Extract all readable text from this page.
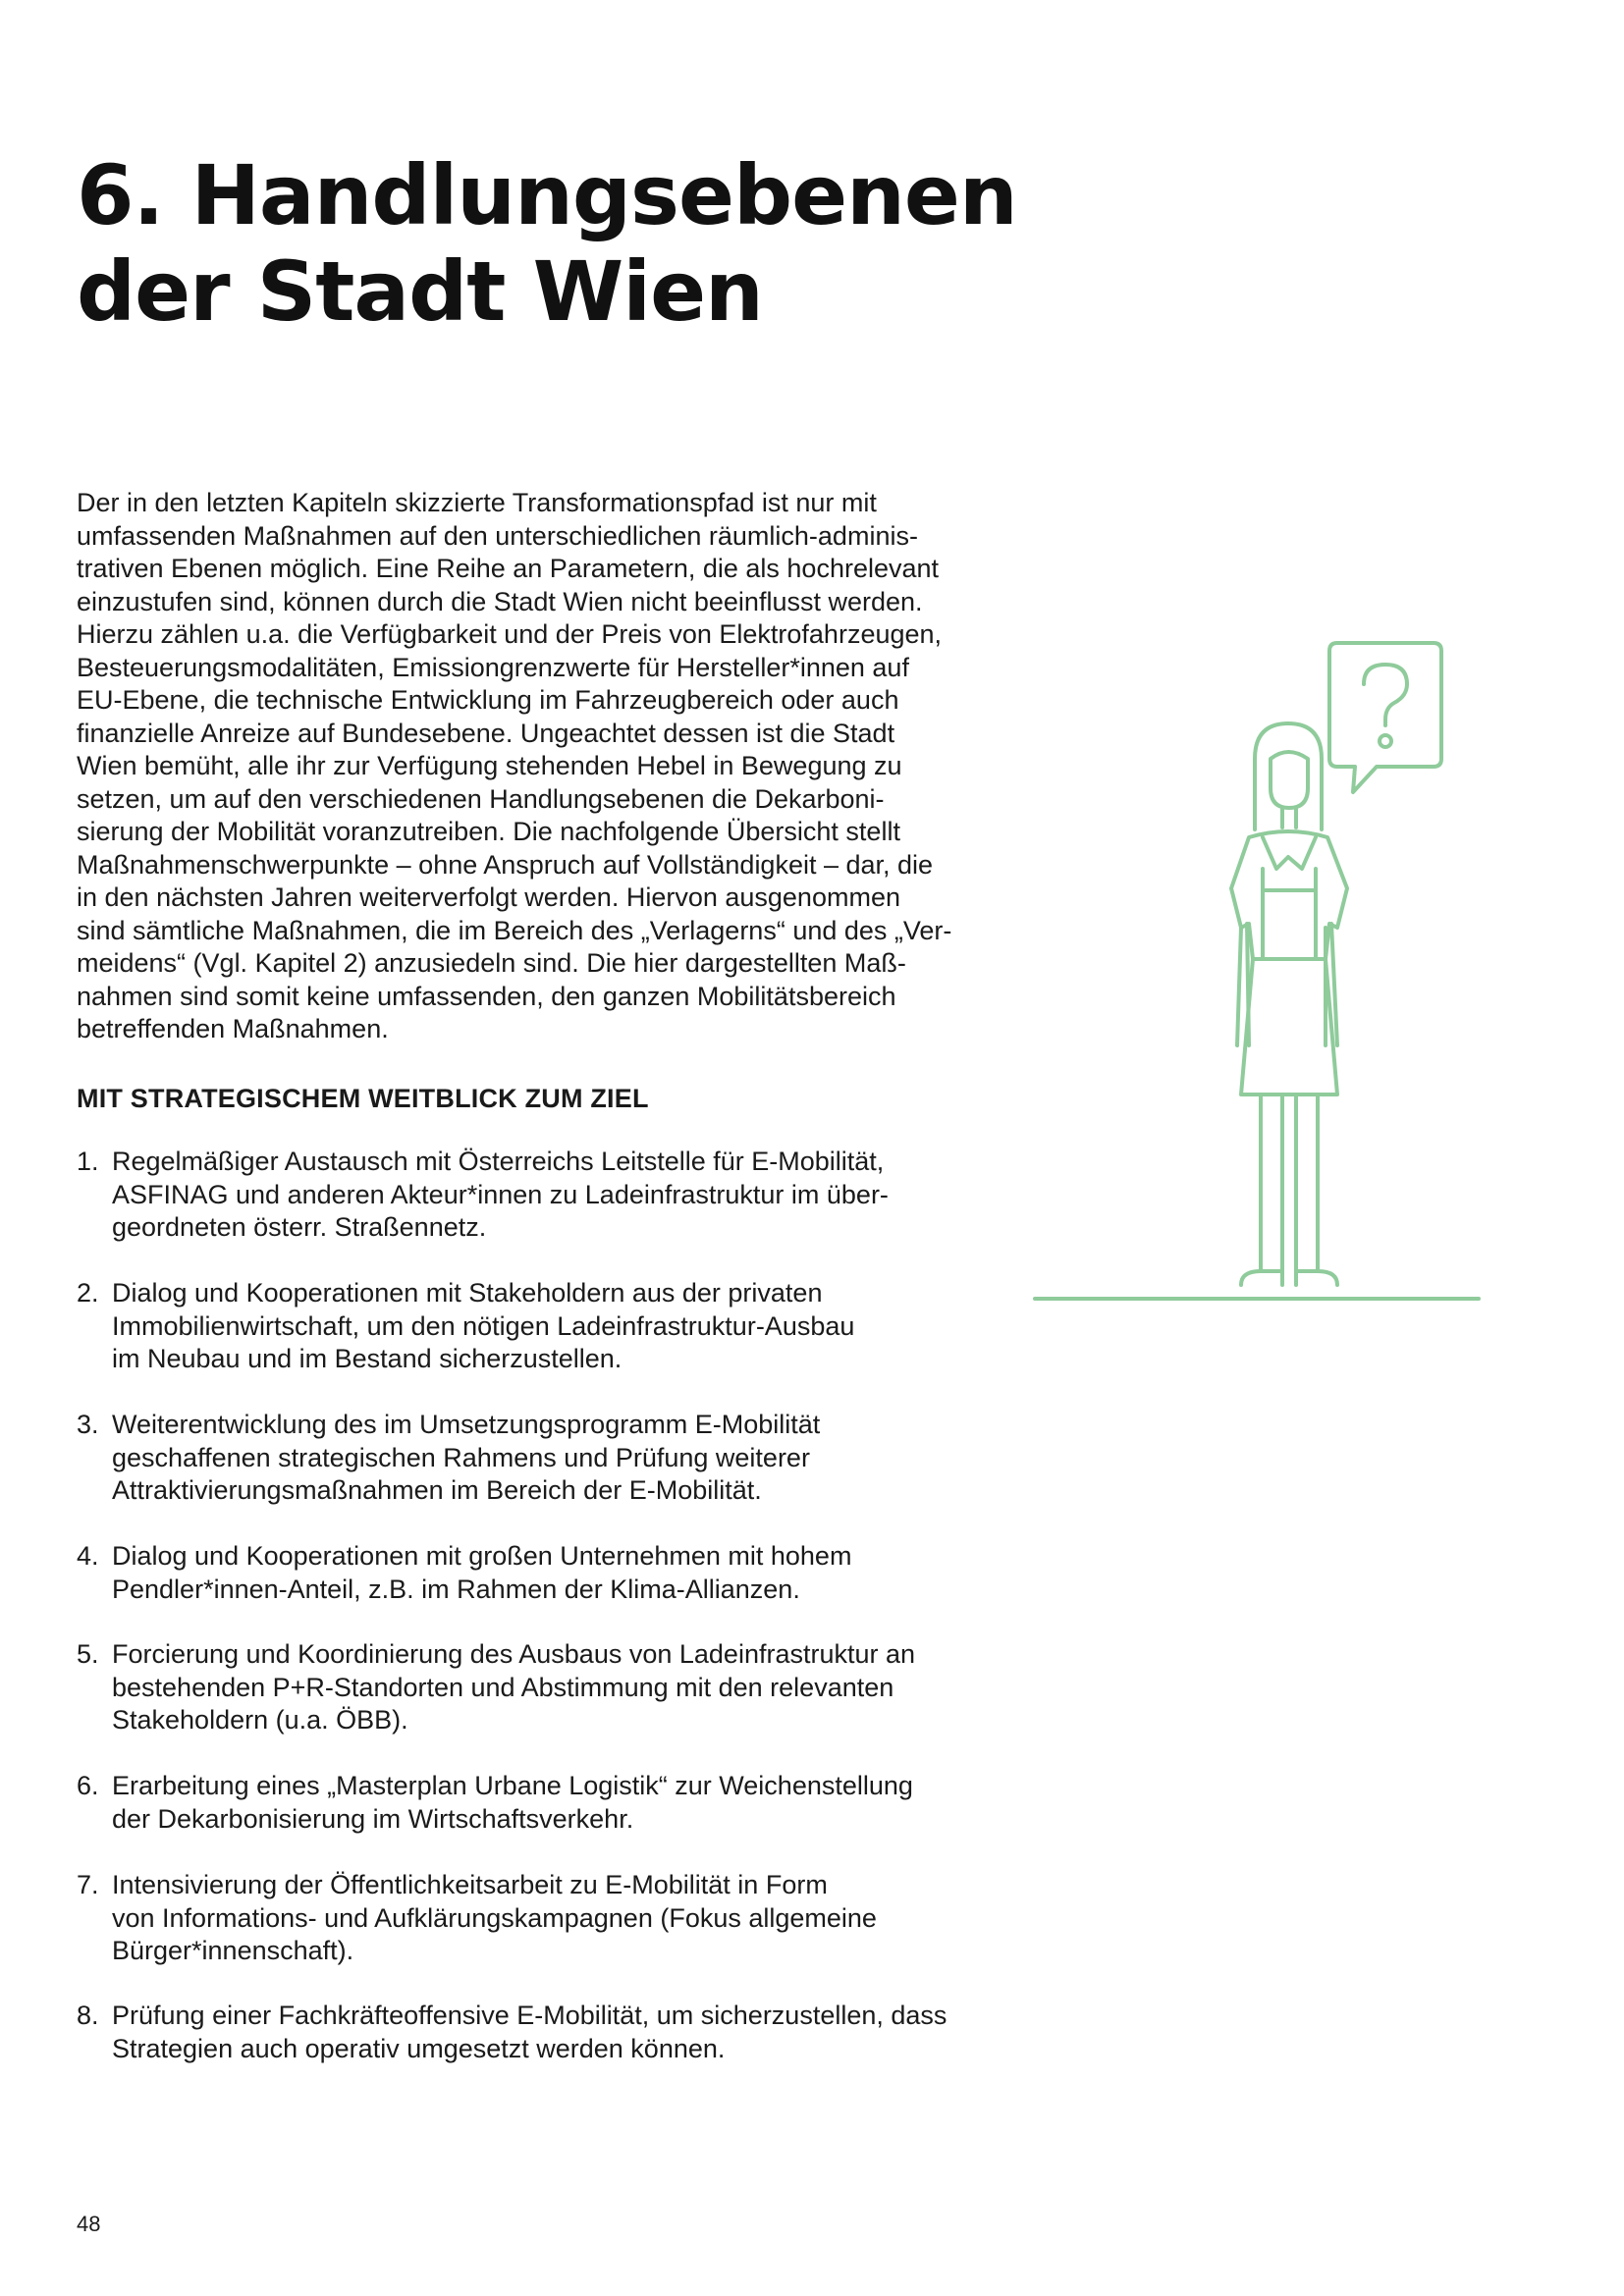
6. Handlungsebenen
der Stadt Wien
Der in den letzten Kapiteln skizzierte Transformationspfad ist nur mit
umfassenden Maßnahmen auf den unterschiedlichen räumlich-adminis-
trativen Ebenen möglich. Eine Reihe an Parametern, die als hochrelevant
einzustufen sind, können durch die Stadt Wien nicht beeinflusst werden.
Hierzu zählen u.a. die Verfügbarkeit und der Preis von Elektrofahrzeugen,
Besteuerungsmodalitäten, Emissiongrenzwerte für Hersteller*innen auf
EU-Ebene, die technische Entwicklung im Fahrzeugbereich oder auch
finanzielle Anreize auf Bundesebene. Ungeachtet dessen ist die Stadt
Wien bemüht, alle ihr zur Verfügung stehenden Hebel in Bewegung zu
setzen, um auf den verschiedenen Handlungsebenen die Dekarboni-
sierung der Mobilität voranzutreiben. Die nachfolgende Übersicht stellt
Maßnahmenschwerpunkte – ohne Anspruch auf Vollständigkeit – dar, die
in den nächsten Jahren weiterverfolgt werden. Hiervon ausgenommen
sind sämtliche Maßnahmen, die im Bereich des „Verlagerns“ und des „Ver-
meidens“ (Vgl. Kapitel 2) anzusiedeln sind. Die hier dargestellten Maß-
nahmen sind somit keine umfassenden, den ganzen Mobilitätsbereich
betreffenden Maßnahmen.
MIT STRATEGISCHEM WEITBLICK ZUM ZIEL
1. Regelmäßiger Austausch mit Österreichs Leitstelle für E-Mobilität,
ASFINAG und anderen Akteur*innen zu Ladeinfrastruktur im über-
geordneten österr. Straßennetz.
2. Dialog und Kooperationen mit Stakeholdern aus der privaten
Immobilienwirtschaft, um den nötigen Ladeinfrastruktur-Ausbau
im Neubau und im Bestand sicherzustellen.
3. Weiterentwicklung des im Umsetzungsprogramm E-Mobilität
geschaffenen strategischen Rahmens und Prüfung weiterer
Attraktivierungsmaßnahmen im Bereich der E-Mobilität.
4. Dialog und Kooperationen mit großen Unternehmen mit hohem
Pendler*innen-Anteil, z.B. im Rahmen der Klima-Allianzen.
5. Forcierung und Koordinierung des Ausbaus von Ladeinfrastruktur an
bestehenden P+R-Standorten und Abstimmung mit den relevanten
Stakeholdern (u.a. ÖBB).
6. Erarbeitung eines „Masterplan Urbane Logistik“ zur Weichenstellung
der Dekarbonisierung im Wirtschaftsverkehr.
7. Intensivierung der Öffentlichkeitsarbeit zu E-Mobilität in Form
von Informations- und Aufklärungskampagnen (Fokus allgemeine
Bürger*innenschaft).
8. Prüfung einer Fachkräfteoffensive E-Mobilität, um sicherzustellen, dass
Strategien auch operativ umgesetzt werden können.
48
